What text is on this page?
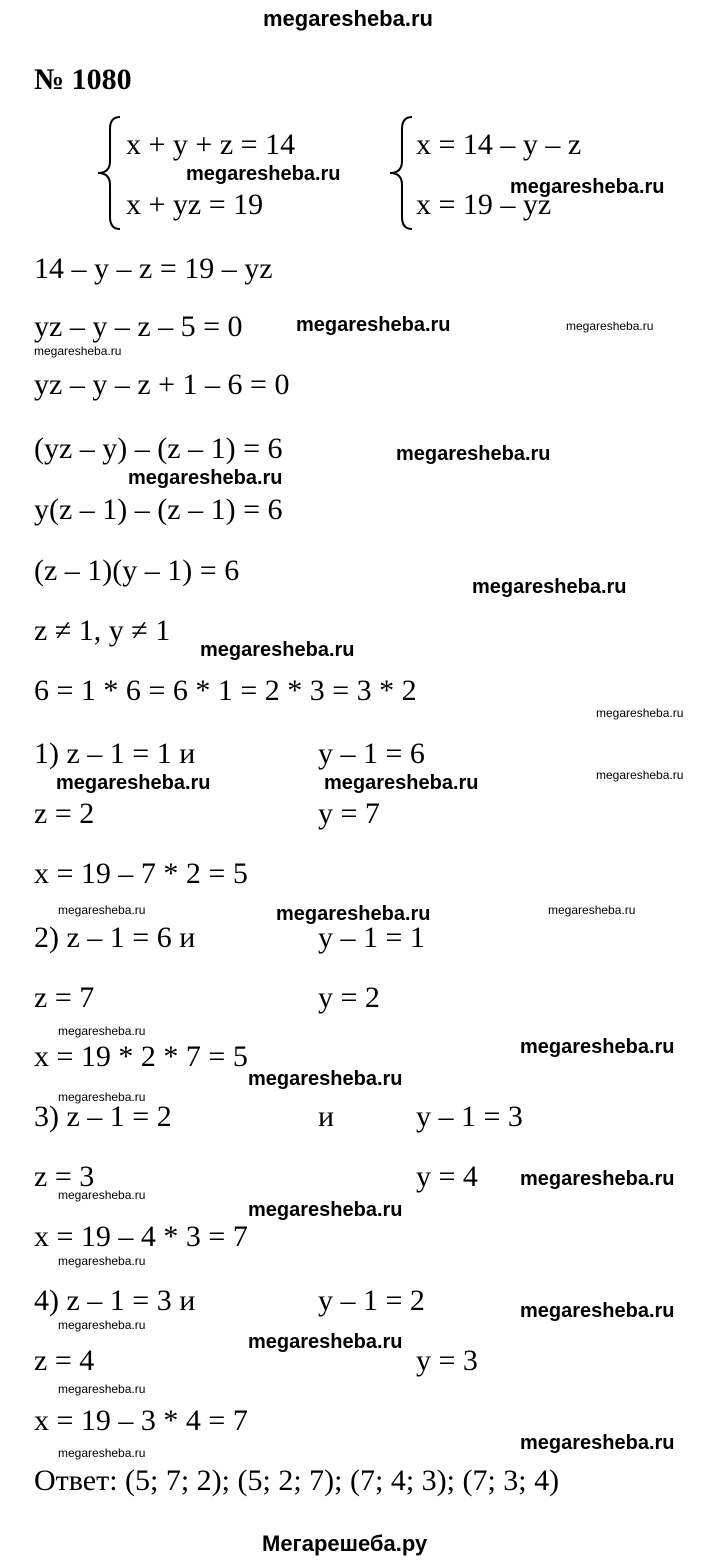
megaresheba.ru
№ 1080
x + y + z = 14
x + yz = 19
x = 14 – y – z
x = 19 – yz
14 – y – z = 19 – yz
yz – y – z – 5 = 0
yz – y – z + 1 – 6 = 0
(yz – y) – (z – 1) = 6
y(z – 1) – (z – 1) = 6
(z – 1)(y – 1) = 6
z ≠ 1, y ≠ 1
6 = 1 * 6 = 6 * 1 = 2 * 3 = 3 * 2
1) z – 1 = 1 и	y – 1 = 6
z = 2	y = 7
x = 19 – 7 * 2 = 5
2) z – 1 = 6 и	y – 1 = 1
z = 7	y = 2
x = 19 * 2 * 7 = 5
3) z – 1 = 2	и	y – 1 = 3
z = 3	y = 4
x = 19 – 4 * 3 = 7
4) z – 1 = 3 и	y – 1 = 2
z = 4	y = 3
x = 19 – 3 * 4 = 7
Ответ: (5; 7; 2); (5; 2; 7); (7; 4; 3); (7; 3; 4)
megaresheba.ru
megaresheba.ru
megaresheba.ru
megaresheba.ru
megaresheba.ru
megaresheba.ru
megaresheba.ru
megaresheba.ru	megaresheba.ru
megaresheba.ru
megaresheba.ru
megaresheba.ru
megaresheba.ru
megaresheba.ru
megaresheba.ru
megaresheba.ru
megaresheba.ru
megaresheba.ru
megaresheba.ru
megaresheba.ru
megaresheba.ru
megaresheba.ru	megaresheba.ru
megaresheba.ru
megaresheba.ru
megaresheba.ru
megaresheba.ru
megaresheba.ru
megaresheba.ru
megaresheba.ru
Мегарешеба.ру
